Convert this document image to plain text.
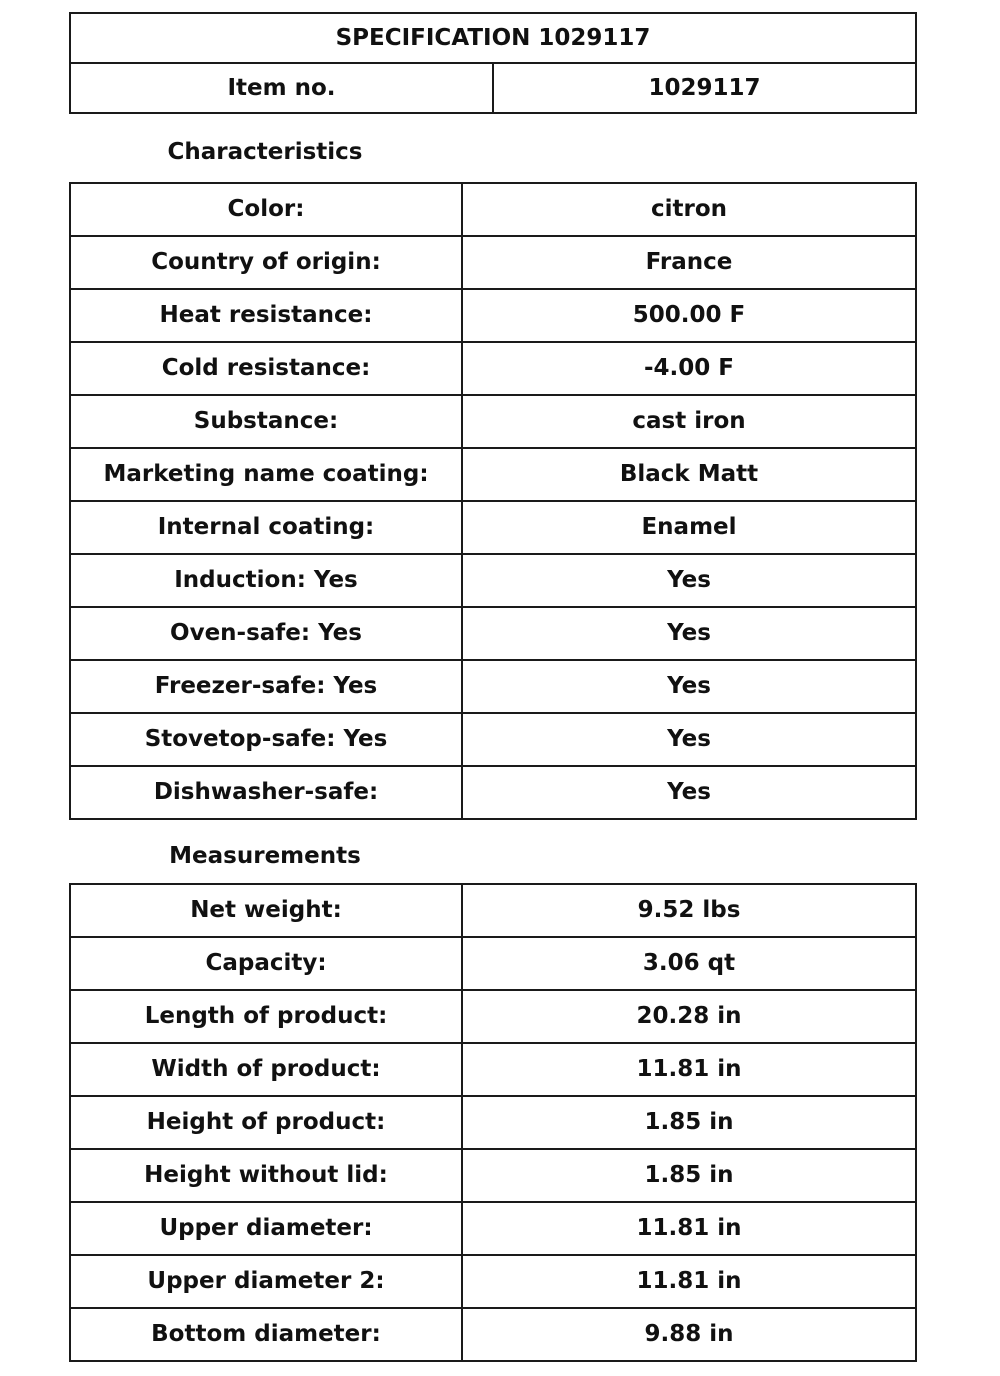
SPECIFICATION 1029117
Item no.	1029117
Characteristics
Color:	citron
Country of origin:	France
Heat resistance:	500.00 F
Cold resistance:	-4.00 F
Substance:	cast iron
Marketing name coating:	Black Matt
Internal coating:	Enamel
Induction: Yes	Yes
Oven-safe: Yes	Yes
Freezer-safe: Yes	Yes
Stovetop-safe: Yes	Yes
Dishwasher-safe:	Yes
Measurements
Net weight:	9.52 lbs
Capacity:	3.06 qt
Length of product:	20.28 in
Width of product:	11.81 in
Height of product:	1.85 in
Height without lid:	1.85 in
Upper diameter:	11.81 in
Upper diameter 2:	11.81 in
Bottom diameter:	9.88 in
